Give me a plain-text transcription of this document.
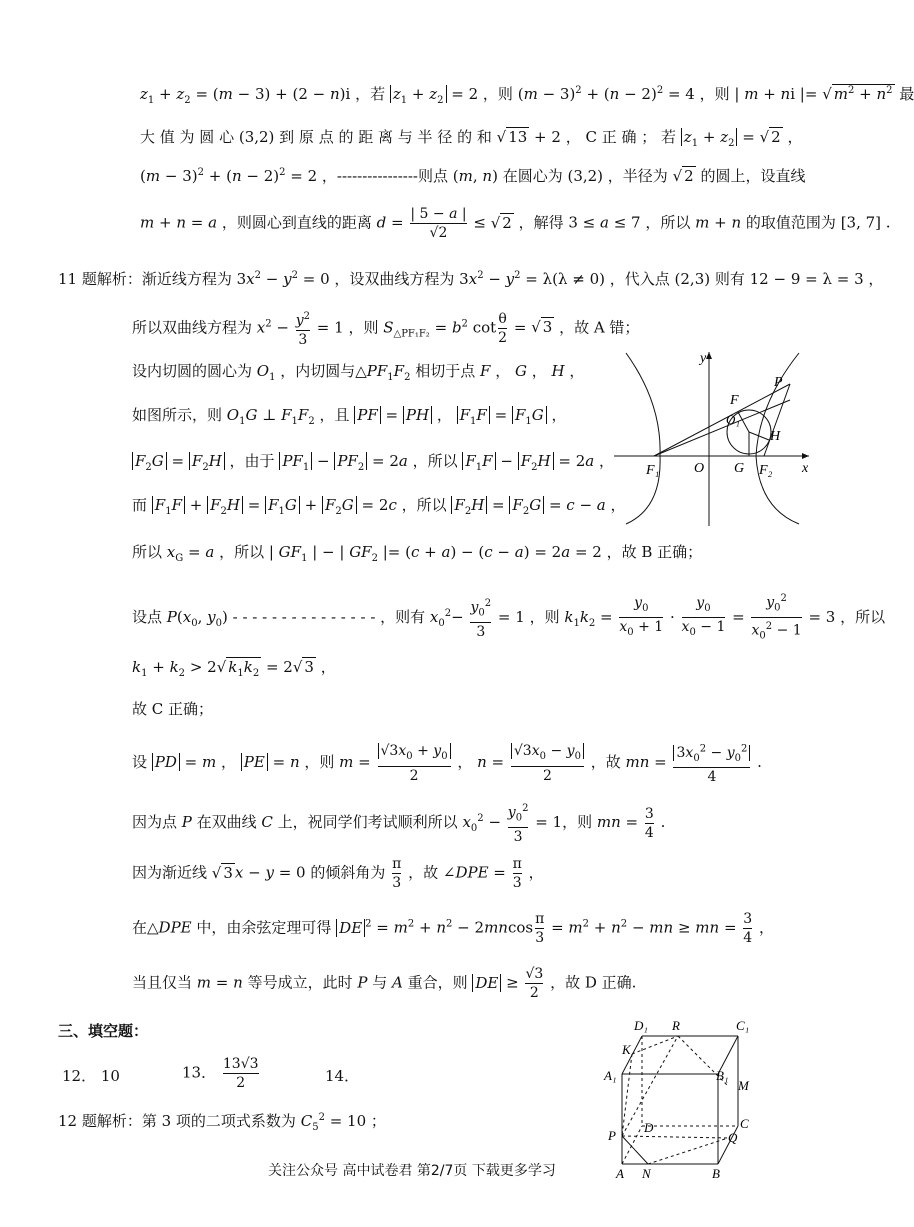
$z_1 + z_2 = (m - 3) + (2 - n)i$ ，若 $z_1 + z_2 = 2$ ，则 $(m - 3)^2 + (n - 2)^2 = 4$ ，则 | m + ni |= √ $m^2 + n^2$ 最
大 值 为 圆 心 (3,2) 到 原 点 的 距 离 与 半 径 的 和 √ 13 + 2 ， C 正 确 ； 若 $z_1 + z_2$ = √ 2 ，
$(m - 3)^2 + (n - 2)^2 = 2$ ，----------------则点 (m, n) 在圆心为 (3,2) ，半径为 √ 2 的圆上，设直线
m + n = a ，则圆心到直线的距离 $d = \frac{| 5 - a |}{√2}$ ≤ √ 2 ，解得 3 ≤ a ≤ 7 ，所以 m + n 的取值范围为 [3, 7] .
11 题解析：渐近线方程为 $3x^2 - y^2 = 0$ ，设双曲线方程为 $3x^2 - y^2 = \lambda(\lambda \ne 0)$ ，代入点 (2,3) 则有 12 − 9 = λ = 3 ，
所以双曲线方程为 $x^2 - \frac{y^2}{3} = 1$ ，则 $S_{\triangle PF_1F_2} = b^2$ $\cot \frac{\theta}{2}$ = √ 3 ，故 A 错；
设内切圆的圆心为 $O_1$ ，内切圆与$\triangle PF_1F_2$ 相切于点 F ， G ， H ，
如图所示，则 $O_1G$ ⊥ $F_1F_2$ ，且 PF = PH ， $F_1F = F_1G$ ，
$F_2G = F_2H$ ，由于 $PF_1 - PF_2 = 2a$ ，所以 $F_1F - F_2H = 2a$ ，
而 $F_1F + F_2H = F_1G + F_2G = 2c$ ，所以 $F_2H = F_2G = c - a$ ，
所以 $x_G = a$ ，所以 | $GF_1$ | − | $GF_2$ |= (c + a) − (c − a) = 2a = 2 ，故 B 正确；
设点 $P(x_0$, $y_0$) - - - - - - - - - - - - - - - ，则有 $x_0^2- \frac{y_0^2}{3} = 1$ ，则 $k_1k_2 = \frac{y_0}{x_0 + 1} \cdot \frac{y_0}{x_0 - 1} = \frac{y_0^2}{x_0^2 - 1} = 3$ ，所以
$k_1 + k_2 > 2√$ $k_1k_2 = 2√$ 3 ，
故 C 正确；
设 PD = m ， PE = n ，则 $m = \frac{√3x_0 + y_0}{2}$ ， $n = \frac{√3x_0 - y_0}{2}$ ，故 mn = $\frac{3x_0^2 - y_0^2}{4}$ .
因为点 P 在双曲线 C 上，祝同学们考试顺利所以 $x_0^2 - \frac{y_0^2}{3} = 1$，则 mn = $\frac{3}{4}$ .
因为渐近线 √ 3 x − y = 0 的倾斜角为 $\frac{\pi}{3}$ ，故 ∠DPE = $\frac{\pi}{3}$ ，
在△DPE 中，由余弦定理可得 DE $^2 = m^2 + n^2 - 2mncos \frac{\pi}{3} = m^2 + n^2$ − mn ≥ mn = $\frac{3}{4}$ ，
当且仅当 m = n 等号成立，此时 P 与 A 重合，则 DE ≥ $\frac{√3}{2}$ ，故 D 正确.
三、填空题：
12． 10	13． $\frac{13√3}{2}$	14．
12 题解析：第 3 项的二项式系数为 $C_5^2 = 10$ ；
y
P
F
O₁
H
F₁ O G F₂ x
D₁ R	C₁
K
A₁	B₁
M
D	C
P	Q
A N	B
关注公众号 高中试卷君 第2/7页 下载更多学习
